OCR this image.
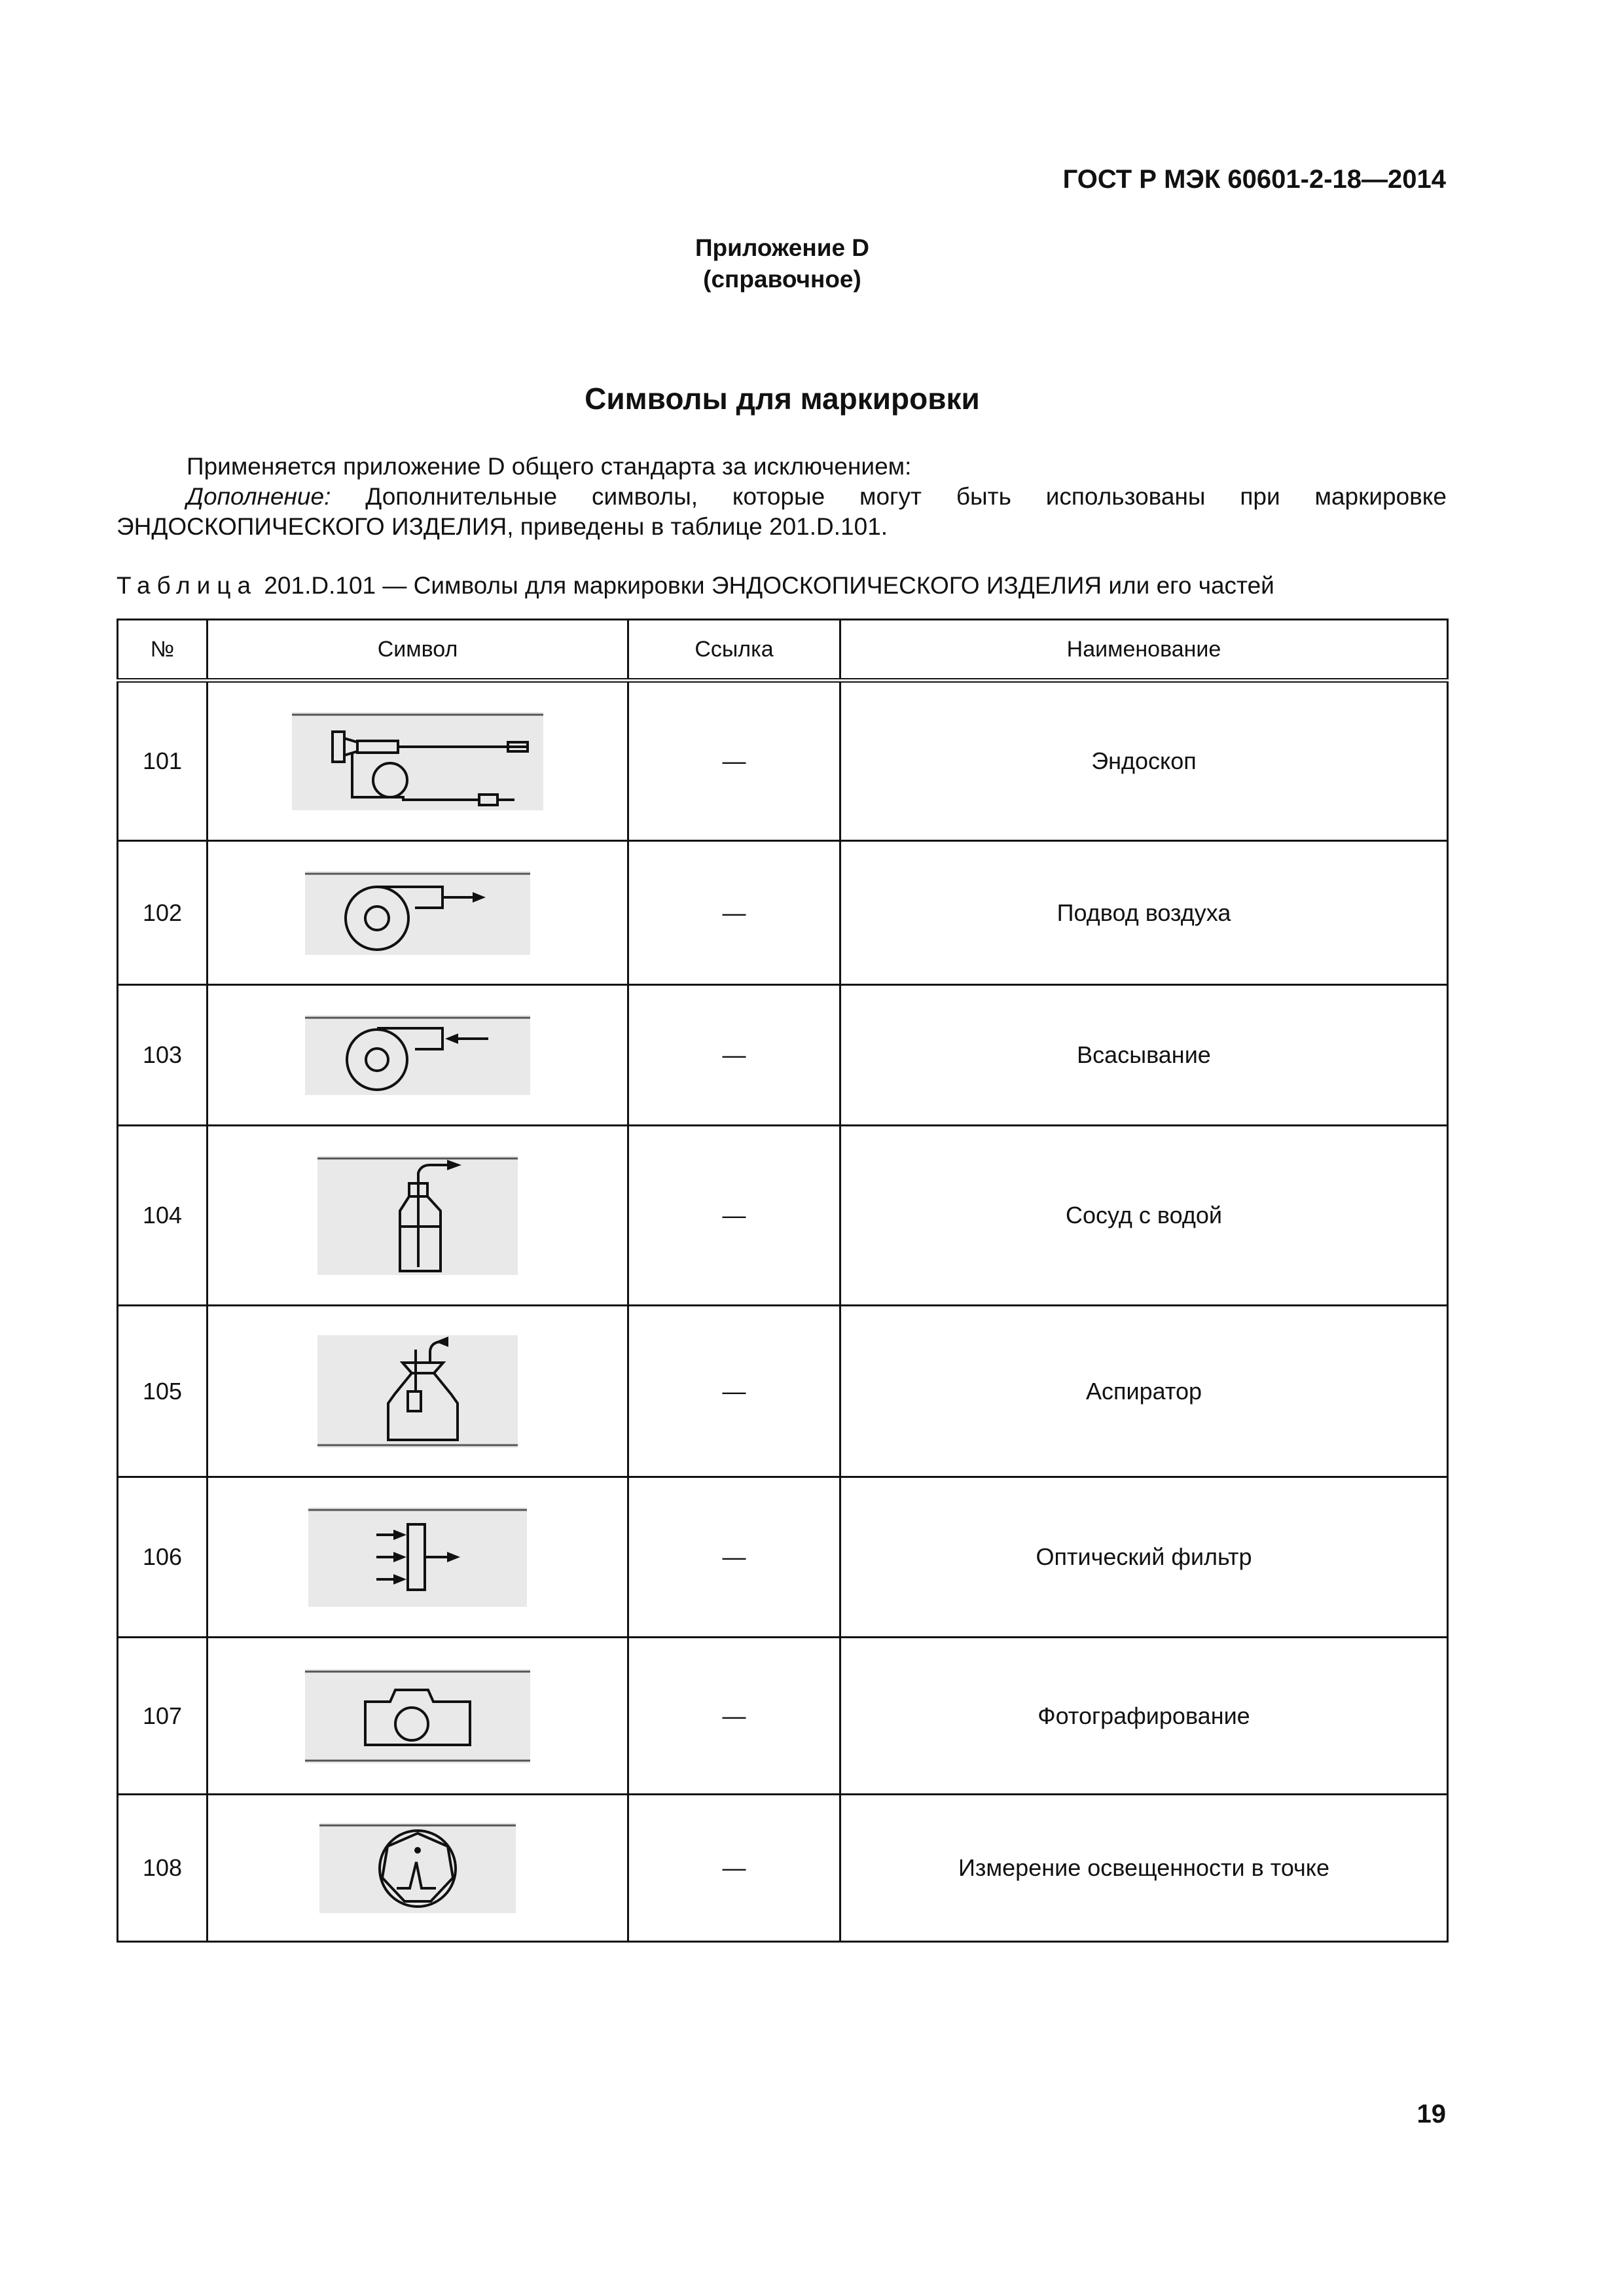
ГОСТ Р МЭК 60601-2-18—2014
Приложение D
(справочное)
Символы для маркировки
Применяется приложение D общего стандарта за исключением:
Дополнение: Дополнительные символы, которые могут быть использованы при маркировке ЭНДОСКОПИЧЕСКОГО ИЗДЕЛИЯ, приведены в таблице 201.D.101.
Таблица 201.D.101 — Символы для маркировки ЭНДОСКОПИЧЕСКОГО ИЗДЕЛИЯ или его частей
№	Символ	Ссылка	Наименование
101		—	Эндоскоп
102		—	Подвод воздуха
103		—	Всасывание
104		—	Сосуд с водой
105		—	Аспиратор
106		—	Оптический фильтр
107		—	Фотографирование
108		—	Измерение освещенности в точке
19
